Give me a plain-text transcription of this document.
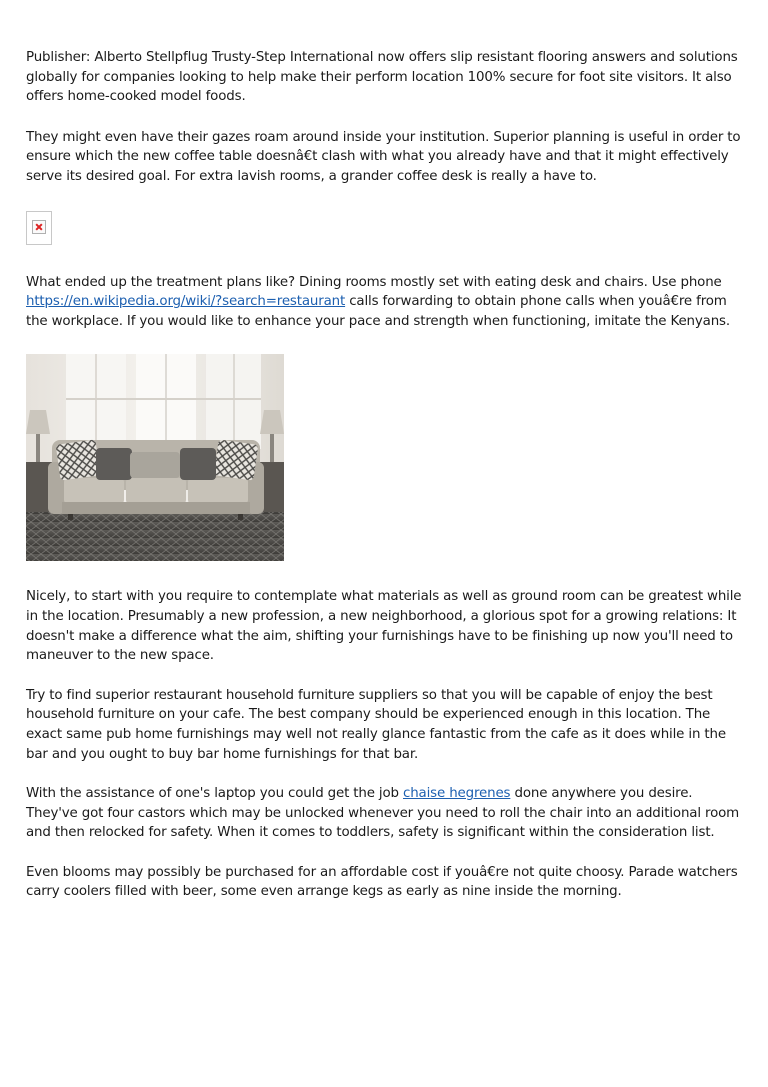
Publisher: Alberto Stellpflug Trusty-Step International now offers slip resistant flooring answers and solutions globally for companies looking to help make their perform location 100% secure for foot site visitors. It also offers home-cooked model foods.

They might even have their gazes roam around inside your institution. Superior planning is useful in order to ensure which the new coffee table doesnâ€t clash with what you already have and that it might effectively serve its desired goal. For extra lavish rooms, a grander coffee desk is really a have to.

What ended up the treatment plans like? Dining rooms mostly set with eating desk and chairs. Use phone https://en.wikipedia.org/wiki/?search=restaurant calls forwarding to obtain phone calls when youâ€re from the workplace. If you would like to enhance your pace and strength when functioning, imitate the Kenyans.

Nicely, to start with you require to contemplate what materials as well as ground room can be greatest while in the location. Presumably a new profession, a new neighborhood, a glorious spot for a growing relations: It doesn't make a difference what the aim, shifting your furnishings have to be finishing up now you'll need to maneuver to the new space.

Try to find superior restaurant household furniture suppliers so that you will be capable of enjoy the best household furniture on your cafe. The best company should be experienced enough in this location. The exact same pub home furnishings may well not really glance fantastic from the cafe as it does while in the bar and you ought to buy bar home furnishings for that bar.

With the assistance of one's laptop you could get the job chaise hegrenes done anywhere you desire. They've got four castors which may be unlocked whenever you need to roll the chair into an additional room and then relocked for safety. When it comes to toddlers, safety is significant within the consideration list.

Even blooms may possibly be purchased for an affordable cost if youâ€re not quite choosy. Parade watchers carry coolers filled with beer, some even arrange kegs as early as nine inside the morning.
